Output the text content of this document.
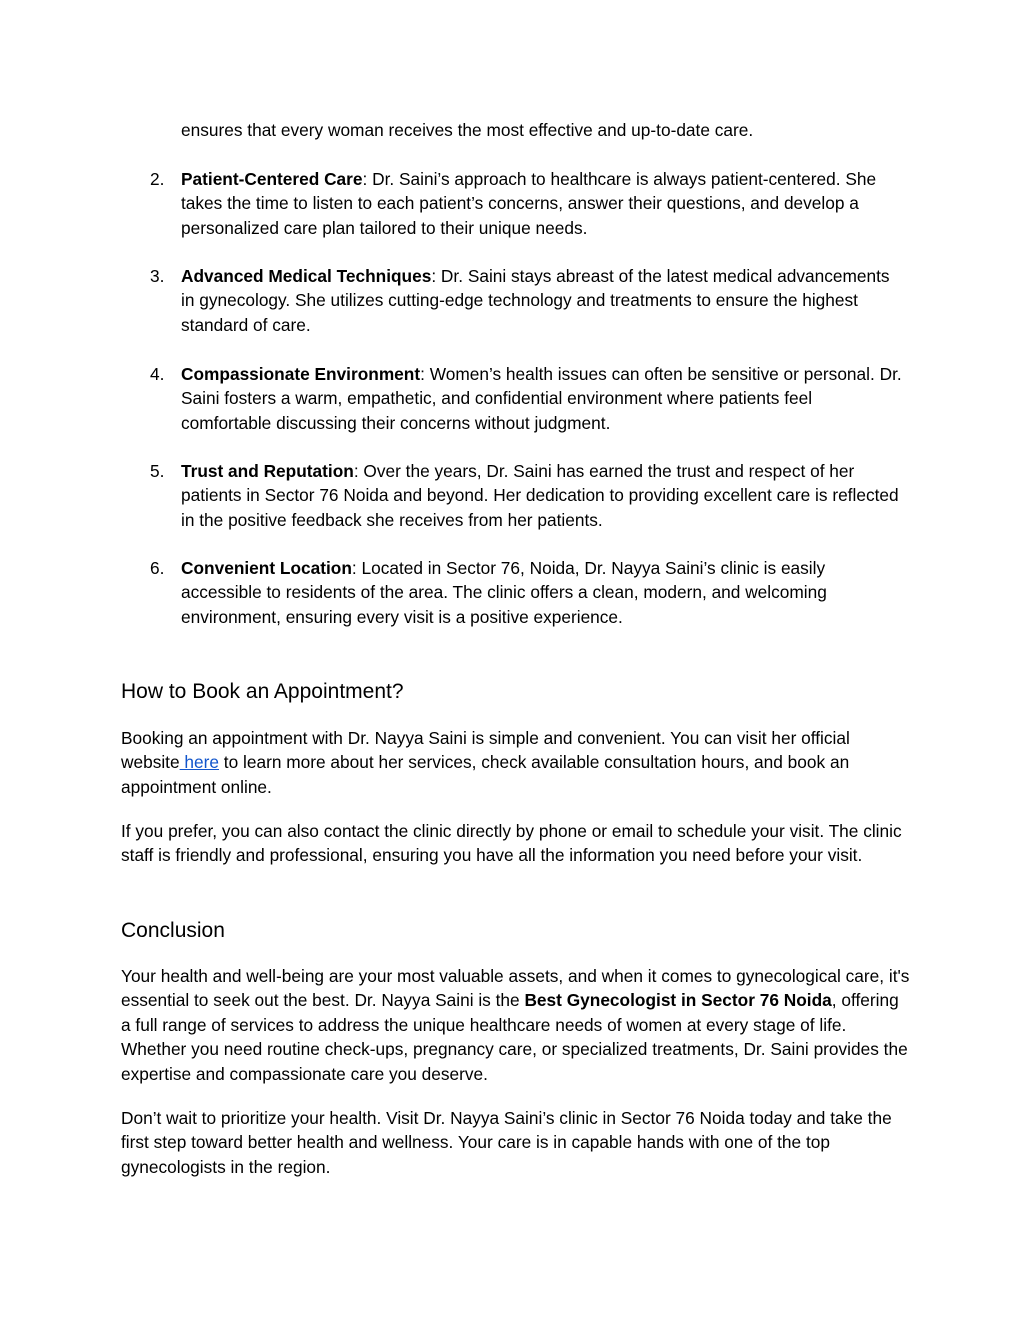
ensures that every woman receives the most effective and up-to-date care.

2. Patient-Centered Care: Dr. Saini’s approach to healthcare is always patient-centered. She takes the time to listen to each patient’s concerns, answer their questions, and develop a personalized care plan tailored to their unique needs.
3. Advanced Medical Techniques: Dr. Saini stays abreast of the latest medical advancements in gynecology. She utilizes cutting-edge technology and treatments to ensure the highest standard of care.
4. Compassionate Environment: Women’s health issues can often be sensitive or personal. Dr. Saini fosters a warm, empathetic, and confidential environment where patients feel comfortable discussing their concerns without judgment.
5. Trust and Reputation: Over the years, Dr. Saini has earned the trust and respect of her patients in Sector 76 Noida and beyond. Her dedication to providing excellent care is reflected in the positive feedback she receives from her patients.
6. Convenient Location: Located in Sector 76, Noida, Dr. Nayya Saini’s clinic is easily accessible to residents of the area. The clinic offers a clean, modern, and welcoming environment, ensuring every visit is a positive experience.
How to Book an Appointment?

Booking an appointment with Dr. Nayya Saini is simple and convenient. You can visit her official website here to learn more about her services, check available consultation hours, and book an appointment online.

If you prefer, you can also contact the clinic directly by phone or email to schedule your visit. The clinic staff is friendly and professional, ensuring you have all the information you need before your visit.

Conclusion

Your health and well-being are your most valuable assets, and when it comes to gynecological care, it's essential to seek out the best. Dr. Nayya Saini is the Best Gynecologist in Sector 76 Noida, offering a full range of services to address the unique healthcare needs of women at every stage of life. Whether you need routine check-ups, pregnancy care, or specialized treatments, Dr. Saini provides the expertise and compassionate care you deserve.

Don’t wait to prioritize your health. Visit Dr. Nayya Saini’s clinic in Sector 76 Noida today and take the first step toward better health and wellness. Your care is in capable hands with one of the top gynecologists in the region.
